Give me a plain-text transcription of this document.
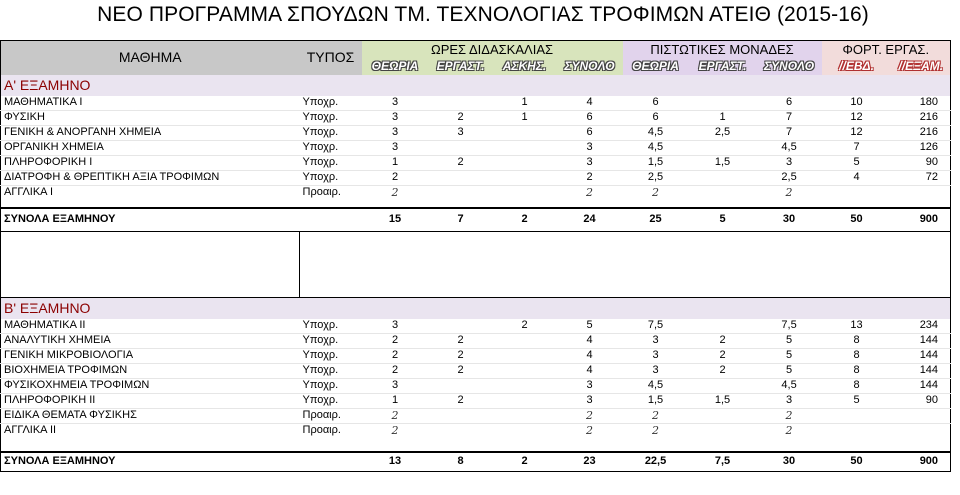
ΝΕΟ ΠΡΟΓΡΑΜΜΑ ΣΠΟΥΔΩΝ ΤΜ. ΤΕΧΝΟΛΟΓΙΑΣ ΤΡΟΦΙΜΩΝ ΑΤΕΙΘ (2015-16)
ΜΑΘΗΜΑ	ΤΥΠΟΣ	ΩΡΕΣ ΔΙΔΑΣΚΑΛΙΑΣ				ΠΙΣΤΩΤΙΚΕΣ ΜΟΝΑΔΕΣ			ΦΟΡΤ. ΕΡΓΑΣ.	
		ΘΕΩΡΙΑ	ΕΡΓΑΣΤ.	ΑΣΚΗΣ.	ΣΥΝΟΛΟ	ΘΕΩΡΙΑ	ΕΡΓΑΣΤ.	ΣΥΝΟΛΟ	//ΕΒΔ.	//ΕΞΑΜ.
Α' ΕΞΑΜΗΝΟ										
ΜΑΘΗΜΑΤΙΚΑ Ι	Υποχρ.	3		1	4	6		6	10	180
ΦΥΣΙΚΗ	Υποχρ.	3	2	1	6	6	1	7	12	216
ΓΕΝΙΚΗ & ΑΝΟΡΓΑΝΗ ΧΗΜΕΙΑ	Υποχρ.	3	3		6	4,5	2,5	7	12	216
ΟΡΓΑΝΙΚΗ ΧΗΜΕΙΑ	Υποχρ.	3			3	4,5		4,5	7	126
ΠΛΗΡΟΦΟΡΙΚΗ Ι	Υποχρ.	1	2		3	1,5	1,5	3	5	90
ΔΙΑΤΡΟΦΗ & ΘΡΕΠΤΙΚΗ ΑΞΙΑ ΤΡΟΦΙΜΩΝ	Υποχρ.	2			2	2,5		2,5	4	72
ΑΓΓΛΙΚΑ Ι	Προαιρ.	2			2	2		2		
ΣΥΝΟΛΑ ΕΞΑΜΗΝΟΥ		15	7	2	24	25	5	30	50	900

Β' ΕΞΑΜΗΝΟ										
ΜΑΘΗΜΑΤΙΚΑ ΙΙ	Υποχρ.	3		2	5	7,5		7,5	13	234
ΑΝΑΛΥΤΙΚΗ ΧΗΜΕΙΑ	Υποχρ.	2	2		4	3	2	5	8	144
ΓΕΝΙΚΗ ΜΙΚΡΟΒΙΟΛΟΓΙΑ	Υποχρ.	2	2		4	3	2	5	8	144
ΒΙΟΧΗΜΕΙΑ ΤΡΟΦΙΜΩΝ	Υποχρ.	2	2		4	3	2	5	8	144
ΦΥΣΙΚΟΧΗΜΕΙΑ ΤΡΟΦΙΜΩΝ	Υποχρ.	3			3	4,5		4,5	8	144
ΠΛΗΡΟΦΟΡΙΚΗ ΙΙ	Υποχρ.	1	2		3	1,5	1,5	3	5	90
ΕΙΔΙΚΑ ΘΕΜΑΤΑ ΦΥΣΙΚΗΣ	Προαιρ.	2			2	2		2		
ΑΓΓΛΙΚΑ ΙΙ	Προαιρ.	2			2	2		2		
ΣΥΝΟΛΑ ΕΞΑΜΗΝΟΥ		13	8	2	23	22,5	7,5	30	50	900
